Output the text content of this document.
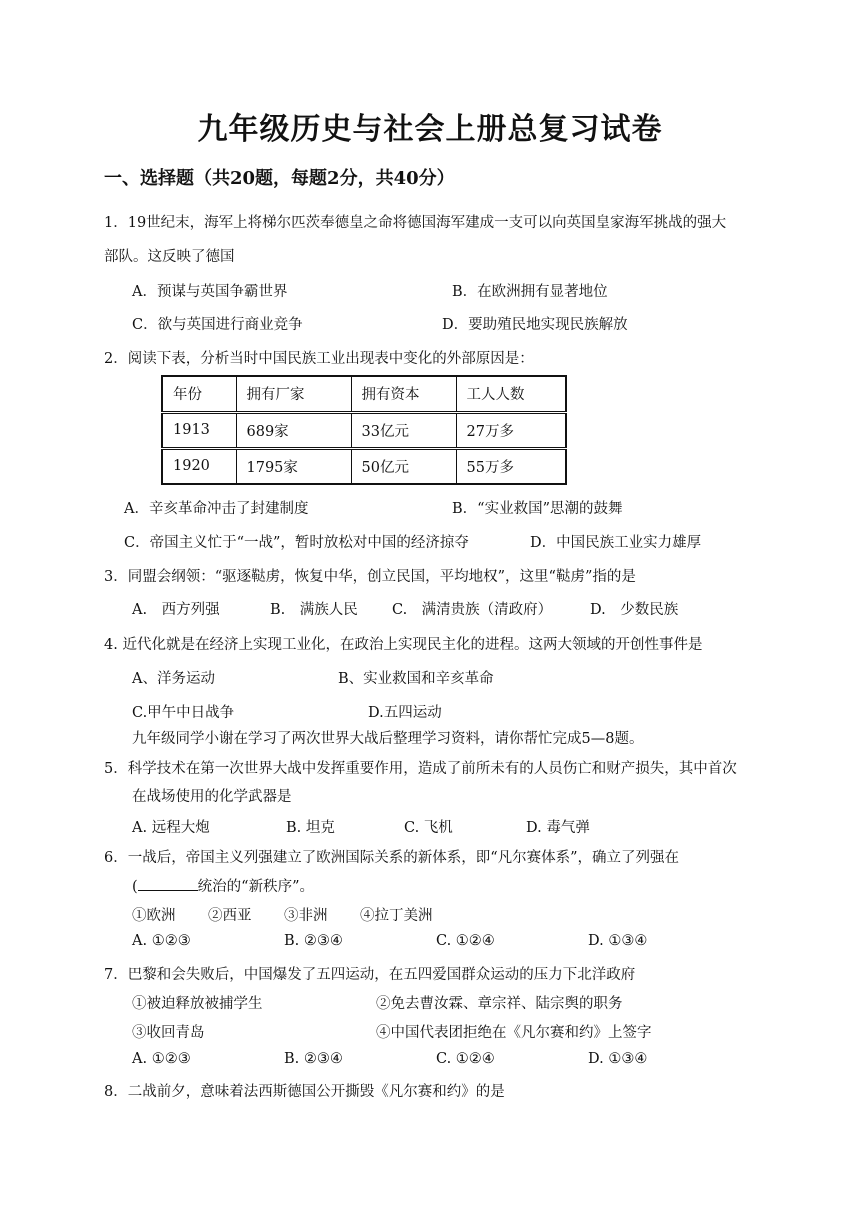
九年级历史与社会上册总复习试卷
一、选择题（共20题，每题2分，共40分）
1．19世纪末，海军上将梯尔匹茨奉德皇之命将德国海军建成一支可以向英国皇家海军挑战的强大
部队。这反映了德国
A．预谋与英国争霸世界	B．在欧洲拥有显著地位
C．欲与英国进行商业竞争	D．要助殖民地实现民族解放
2．阅读下表，分析当时中国民族工业出现表中变化的外部原因是：
年份	拥有厂家	拥有资本	工人人数
1913	689家	33亿元	27万多
1920	1795家	50亿元	55万多
A．辛亥革命冲击了封建制度	B．“实业救国”思潮的鼓舞
C．帝国主义忙于“一战”，暂时放松对中国的经济掠夺	D．中国民族工业实力雄厚
3．同盟会纲领：“驱逐鞑虏，恢复中华，创立民国，平均地权”，这里“鞑虏”指的是
A.　西方列强	B.　满族人民 C.　满清贵族（清政府）	D.　少数民族
4. 近代化就是在经济上实现工业化，在政治上实现民主化的进程。这两大领域的开创性事件是
A、洋务运动	B、实业救国和辛亥革命
C.甲午中日战争	D.五四运动
九年级同学小谢在学习了两次世界大战后整理学习资料，请你帮忙完成5—8题。
5．科学技术在第一次世界大战中发挥重要作用，造成了前所未有的人员伤亡和财产损失，其中首次
在战场使用的化学武器是
A. 远程大炮	B. 坦克	C. 飞机	D. 毒气弹
6．一战后，帝国主义列强建立了欧洲国际关系的新体系，即“凡尔赛体系”，确立了列强在
(	统治的“新秩序”。
①欧洲 ②西亚 ③非洲 ④拉丁美洲
A. ①②③	B. ②③④	C. ①②④	D. ①③④
7．巴黎和会失败后，中国爆发了五四运动，在五四爱国群众运动的压力下北洋政府
①被迫释放被捕学生	②免去曹汝霖、章宗祥、陆宗舆的职务
③收回青岛	④中国代表团拒绝在《凡尔赛和约》上签字
A. ①②③	B. ②③④	C. ①②④	D. ①③④
8．二战前夕，意味着法西斯德国公开撕毁《凡尔赛和约》的是
